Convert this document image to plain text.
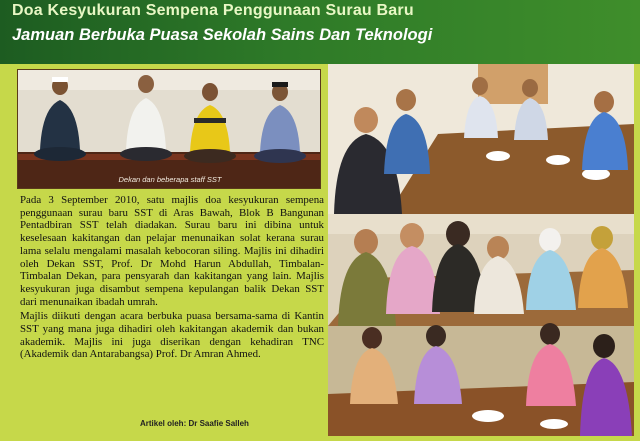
Doa Kesyukuran Sempena Penggunaan Surau Baru
Jamuan Berbuka Puasa Sekolah Sains Dan Teknologi
Dekan dan beberapa staff SST

Pada 3 September 2010, satu majlis doa kesyukuran sempena penggunaan surau baru SST di Aras Bawah, Blok B Bangunan Pentadbiran SST telah diadakan. Surau baru ini dibina untuk keselesaan kakitangan dan pelajar menunaikan solat kerana surau lama selalu mengalami masalah kebocoran siling. Majlis ini dihadiri oleh Dekan SST, Prof. Dr Mohd Harun Abdullah, Timbalan-Timbalan Dekan, para pensyarah dan kakitangan yang lain. Majlis kesyukuran juga disambut sempena kepulangan balik Dekan SST dari menunaikan ibadah umrah.

Majlis diikuti dengan acara berbuka puasa bersama-sama di Kantin SST yang mana juga dihadiri oleh kakitangan akademik dan bukan akademik. Majlis ini juga diserikan dengan kehadiran TNC (Akademik dan Antarabangsa) Prof. Dr Amran Ahmed.

Artikel oleh: Dr Saafie Salleh
